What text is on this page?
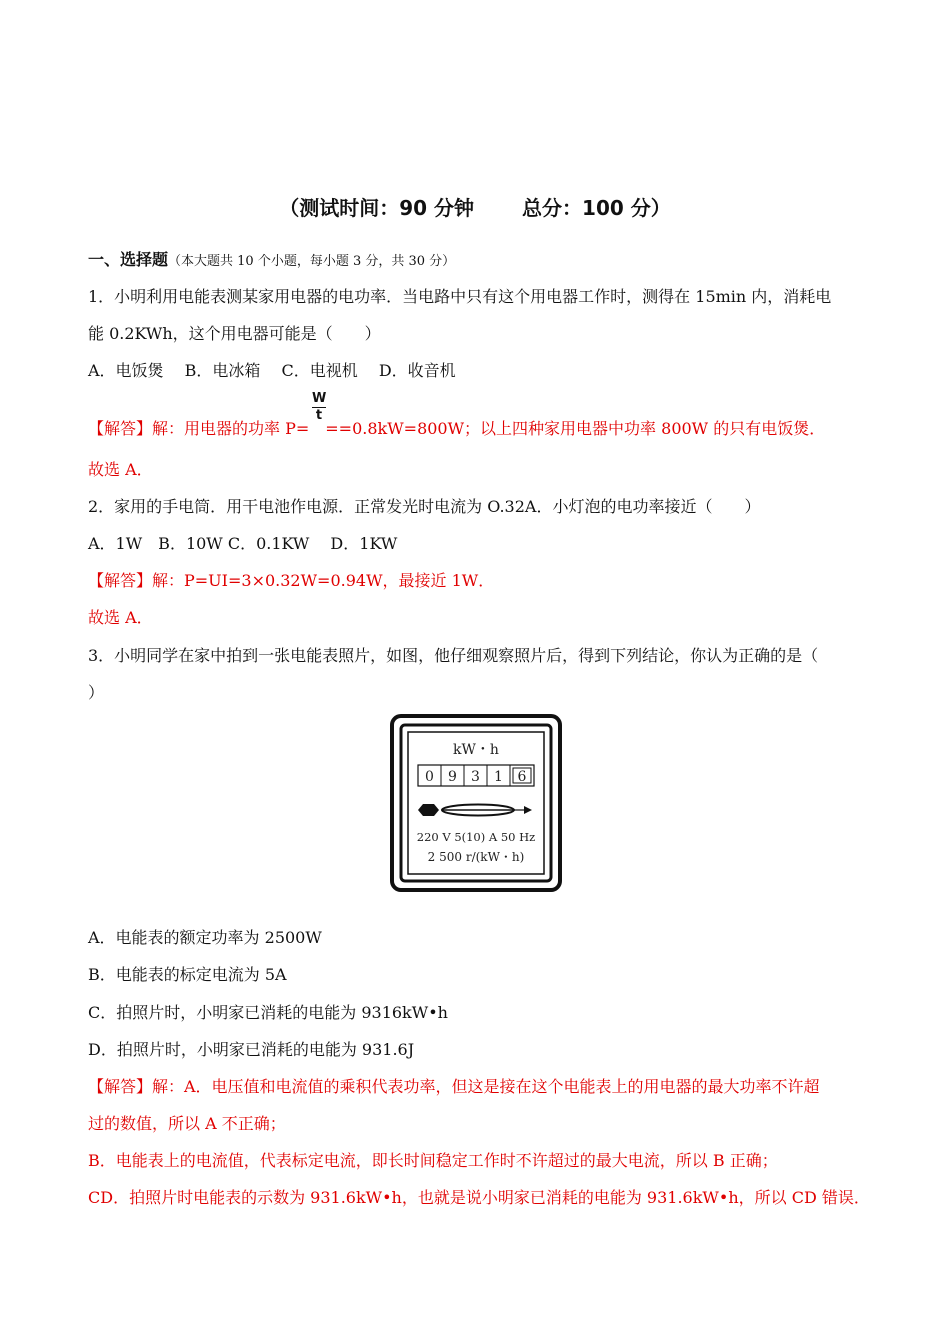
（测试时间：90 分钟 总分：100 分）
一、选择题（本大题共 10 个小题，每小题 3 分，共 30 分）
1．小明利用电能表测某家用电器的电功率．当电路中只有这个用电器工作时，测得在 15min 内，消耗电
能 0.2KWh，这个用电器可能是（　　）
A．电饭煲　 B．电冰箱　 C．电视机　 D．收音机
【解答】解：用电器的功率 P= ==0.8kW=800W；以上四种家用电器中功率 800W 的只有电饭煲．
W
t
故选 A．
2．家用的手电筒．用干电池作电源．正常发光时电流为 O.32A．小灯泡的电功率接近（　　）
A．1W　B．10W C．0.1KW　 D．1KW
【解答】解：P=UI=3×0.32W=0.94W，最接近 1W．
故选 A．
3．小明同学在家中拍到一张电能表照片，如图，他仔细观察照片后，得到下列结论，你认为正确的是（
）
kW・h
0 9 3 1 6
220 V 5(10) A 50 Hz
2 500 r/(kW・h)
A．电能表的额定功率为 2500W
B．电能表的标定电流为 5A
C．拍照片时，小明家已消耗的电能为 9316kW•h
D．拍照片时，小明家已消耗的电能为 931.6J
【解答】解：A．电压值和电流值的乘积代表功率，但这是接在这个电能表上的用电器的最大功率不许超
过的数值，所以 A 不正确；
B．电能表上的电流值，代表标定电流，即长时间稳定工作时不许超过的最大电流，所以 B 正确；
CD．拍照片时电能表的示数为 931.6kW•h，也就是说小明家已消耗的电能为 931.6kW•h，所以 CD 错误．
